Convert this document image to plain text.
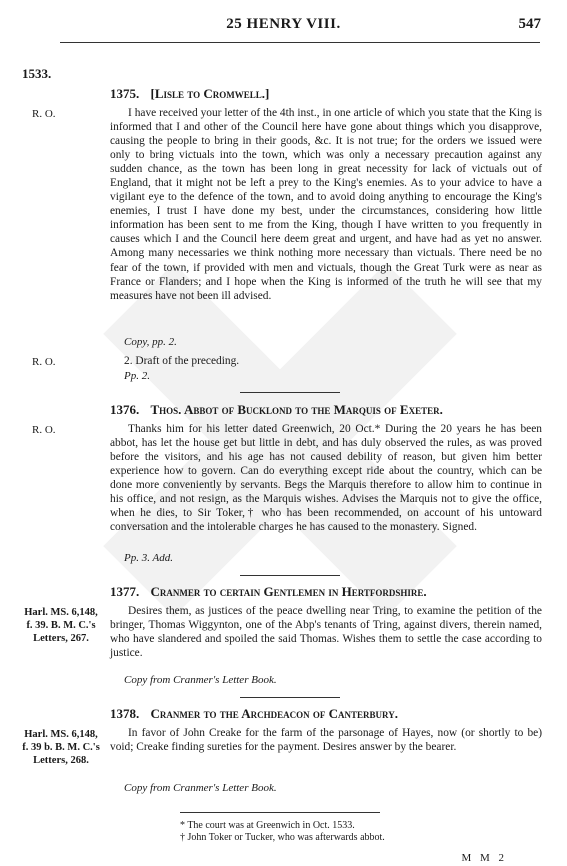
25 HENRY VIII.	547
1533.
1375. [Lisle to Cromwell.]
R. O.	I have received your letter of the 4th inst., in one article of which you state that the King is informed that I and other of the Council here have gone about things which you disapprove, causing the people to bring in their goods, &c. It is not true; for the orders we issued were only to bring victuals into the town, which was only a necessary precaution against any sudden chance, as the town has been long in great necessity for lack of victuals out of England, that it might not be left a prey to the King's enemies. As to your advice to have a vigilant eye to the defence of the town, and to avoid doing anything to encourage the King's enemies, I trust I have done my best, under the circumstances, considering how little information has been sent to me from the King, though I have written to you frequently in causes which I and the Council here deem great and urgent, and have had as yet no answer. Among many necessaries we think nothing more necessary than victuals. There need be no fear of the town, if provided with men and victuals, though the Great Turk were as near as France or Flanders; and I hope when the King is informed of the truth he will see that my measures have not been ill advised.
Copy, pp. 2.
R. O.	2. Draft of the preceding.
Pp. 2.
1376. Thos. Abbot of Bucklond to the Marquis of Exeter.
R. O.	Thanks him for his letter dated Greenwich, 20 Oct.* During the 20 years he has been abbot, has let the house get but little in debt, and has duly observed the rules, as was proved before the visitors, and his age has not caused debility of reason, but given him better experience how to govern. Can do everything except ride about the country, which can be done more conveniently by servants. Begs the Marquis therefore to allow him to continue in his office, and not resign, as the Marquis wishes. Advises the Marquis not to give the office, when he dies, to Sir Toker,† who has been recommended, on account of his untoward conversation and the intolerable charges he has caused to the monastery. Signed.
Pp. 3. Add.
1377. Cranmer to certain Gentlemen in Hertfordshire.
Harl. MS. 6,148, f. 39. B. M. C.'s Letters, 267.
Desires them, as justices of the peace dwelling near Tring, to examine the petition of the bringer, Thomas Wiggynton, one of the Abp's tenants of Tring, against divers, therein named, who have slandered and spoiled the said Thomas. Wishes them to settle the case according to justice.
Copy from Cranmer's Letter Book.
1378. Cranmer to the Archdeacon of Canterbury.
Harl. MS. 6,148, f. 39 b. B. M. C.'s Letters, 268.
In favor of John Creake for the farm of the parsonage of Hayes, now (or shortly to be) void; Creake finding sureties for the payment. Desires answer by the bearer.
Copy from Cranmer's Letter Book.
* The court was at Greenwich in Oct. 1533.
† John Toker or Tucker, who was afterwards abbot.
M M 2
